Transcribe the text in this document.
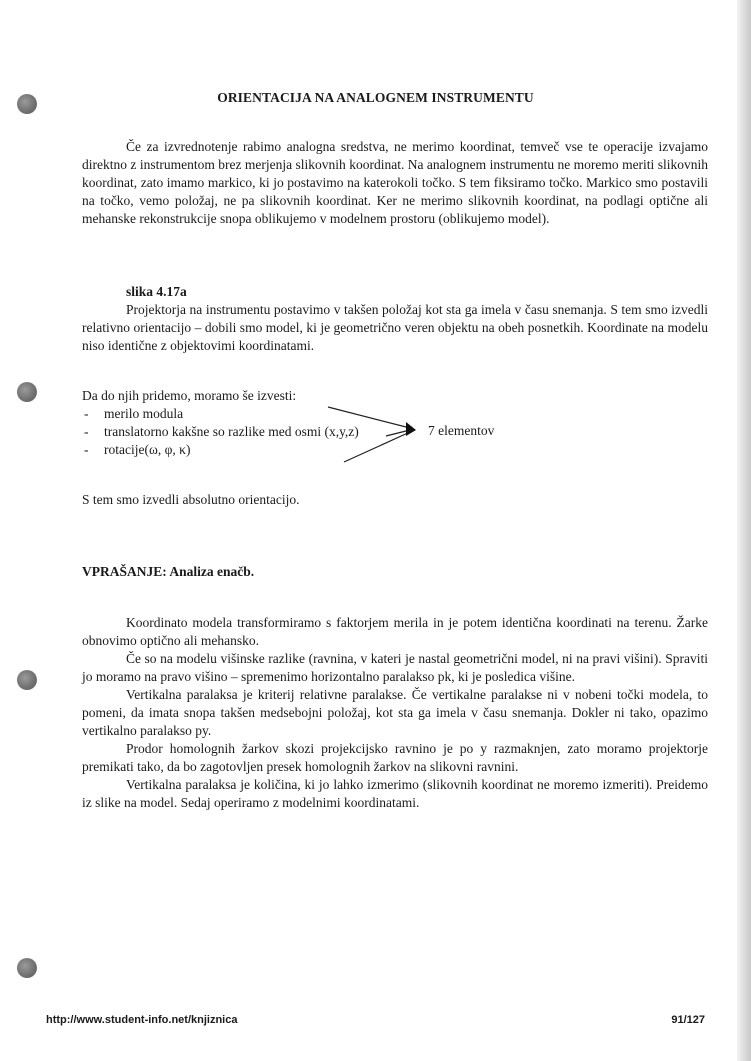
ORIENTACIJA NA ANALOGNEM INSTRUMENTU

Če za izvrednotenje rabimo analogna sredstva, ne merimo koordinat, temveč vse te operacije izvajamo direktno z instrumentom brez merjenja slikovnih koordinat. Na analognem instrumentu ne moremo meriti slikovnih koordinat, zato imamo markico, ki jo postavimo na katerokoli točko. S tem fiksiramo točko. Markico smo postavili na točko, vemo položaj, ne pa slikovnih koordinat. Ker ne merimo slikovnih koordinat, na podlagi optične ali mehanske rekonstrukcije snopa oblikujemo v modelnem prostoru (oblikujemo model).

slika 4.17a

Projektorja na instrumentu postavimo v takšen položaj kot sta ga imela v času snemanja. S tem smo izvedli relativno orientacijo – dobili smo model, ki je geometrično veren objektu na obeh posnetkih. Koordinate na modelu niso identične z objektovimi koordinatami.

Da do njih pridemo, moramo še izvesti:
- merilo modula
- translatorno kakšne so razlike med osmi (x,y,z)
- rotacije(ω, φ, κ)
7 elementov
S tem smo izvedli absolutno orientacijo.
VPRAŠANJE: Analiza enačb.

Koordinato modela transformiramo s faktorjem merila in je potem identična koordinati na terenu. Žarke obnovimo optično ali mehansko.

Če so na modelu višinske razlike (ravnina, v kateri je nastal geometrični model, ni na pravi višini). Spraviti jo moramo na pravo višino – spremenimo horizontalno paralakso pk, ki je posledica višine.

Vertikalna paralaksa je kriterij relativne paralakse. Če vertikalne paralakse ni v nobeni točki modela, to pomeni, da imata snopa takšen medsebojni položaj, kot sta ga imela v času snemanja. Dokler ni tako, opazimo vertikalno paralakso py.

Prodor homolognih žarkov skozi projekcijsko ravnino je po y razmaknjen, zato moramo projektorje premikati tako, da bo zagotovljen presek homolognih žarkov na slikovni ravnini.

Vertikalna paralaksa je količina, ki jo lahko izmerimo (slikovnih koordinat ne moremo izmeriti). Preidemo iz slike na model. Sedaj operiramo z modelnimi koordinatami.

http://www.student-info.net/knjiznica	91/127
